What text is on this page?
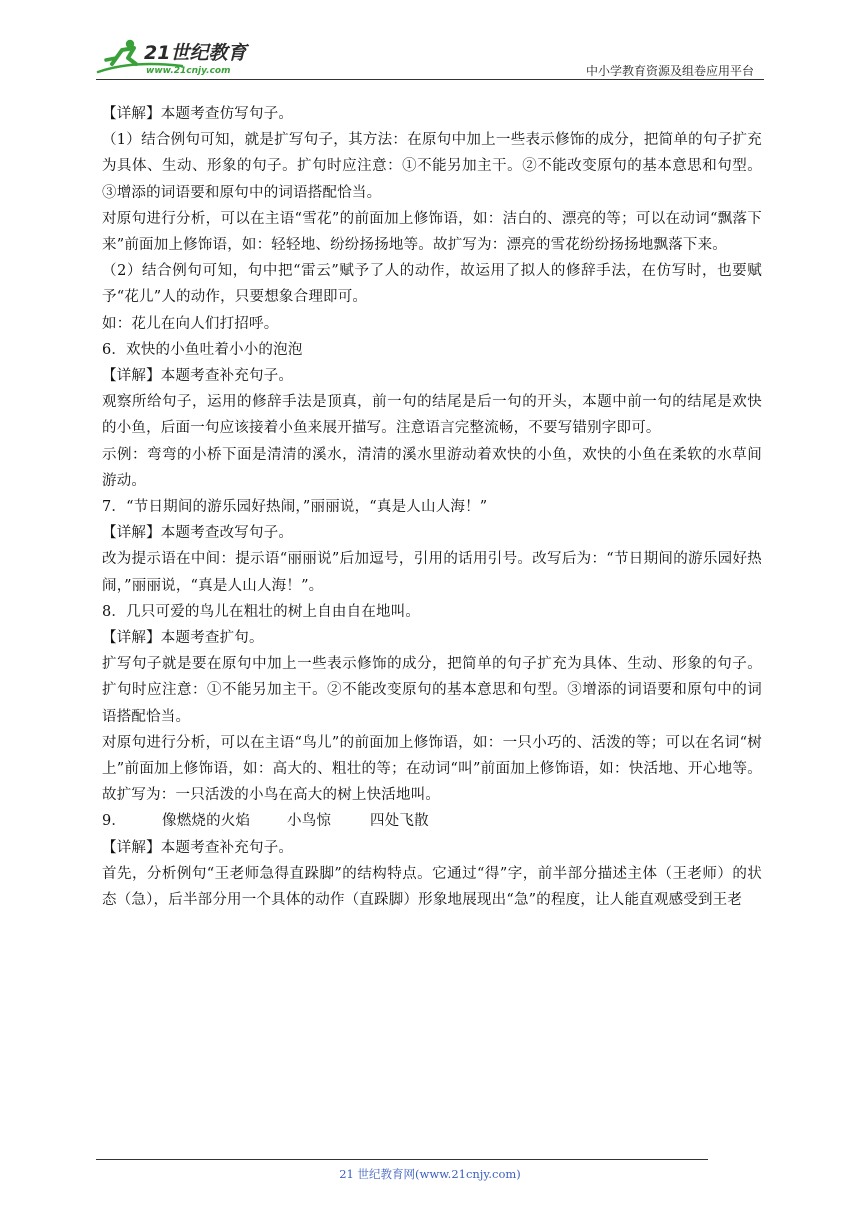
21世纪教育
www.21cnjy.com	中小学教育资源及组卷应用平台

【详解】本题考查仿写句子。

（1）结合例句可知，就是扩写句子，其方法：在原句中加上一些表示修饰的成分，把简单的句子扩充为具体、生动、形象的句子。扩句时应注意：①不能另加主干。②不能改变原句的基本意思和句型。③增添的词语要和原句中的词语搭配恰当。

对原句进行分析，可以在主语“雪花”的前面加上修饰语，如：洁白的、漂亮的等；可以在动词“飘落下来”前面加上修饰语，如：轻轻地、纷纷扬扬地等。故扩写为：漂亮的雪花纷纷扬扬地飘落下来。

（2）结合例句可知，句中把“雷云”赋予了人的动作，故运用了拟人的修辞手法，在仿写时，也要赋予“花儿”人的动作，只要想象合理即可。

如：花儿在向人们打招呼。

6．欢快的小鱼吐着小小的泡泡

【详解】本题考查补充句子。

观察所给句子，运用的修辞手法是顶真，前一句的结尾是后一句的开头，本题中前一句的结尾是欢快的小鱼，后面一句应该接着小鱼来展开描写。注意语言完整流畅，不要写错别字即可。

示例：弯弯的小桥下面是清清的溪水，清清的溪水里游动着欢快的小鱼，欢快的小鱼在柔软的水草间游动。

7．“节日期间的游乐园好热闹，”丽丽说，“真是人山人海！”

【详解】本题考查改写句子。

改为提示语在中间：提示语“丽丽说”后加逗号，引用的话用引号。改写后为：“节日期间的游乐园好热闹，”丽丽说，“真是人山人海！”。

8．几只可爱的鸟儿在粗壮的树上自由自在地叫。

【详解】本题考查扩句。

扩写句子就是要在原句中加上一些表示修饰的成分，把简单的句子扩充为具体、生动、形象的句子。扩句时应注意：①不能另加主干。②不能改变原句的基本意思和句型。③增添的词语要和原句中的词语搭配恰当。

对原句进行分析，可以在主语“鸟儿”的前面加上修饰语，如：一只小巧的、活泼的等；可以在名词“树上”前面加上修饰语，如：高大的、粗壮的等；在动词“叫”前面加上修饰语，如：快活地、开心地等。故扩写为：一只活泼的小鸟在高大的树上快活地叫。

9． 像燃烧的火焰	小鸟惊	四处飞散

【详解】本题考查补充句子。

首先，分析例句“王老师急得直跺脚”的结构特点。它通过“得”字，前半部分描述主体（王老师）的状态（急），后半部分用一个具体的动作（直跺脚）形象地展现出“急”的程度，让人能直观感受到王老

21 世纪教育网(www.21cnjy.com)
